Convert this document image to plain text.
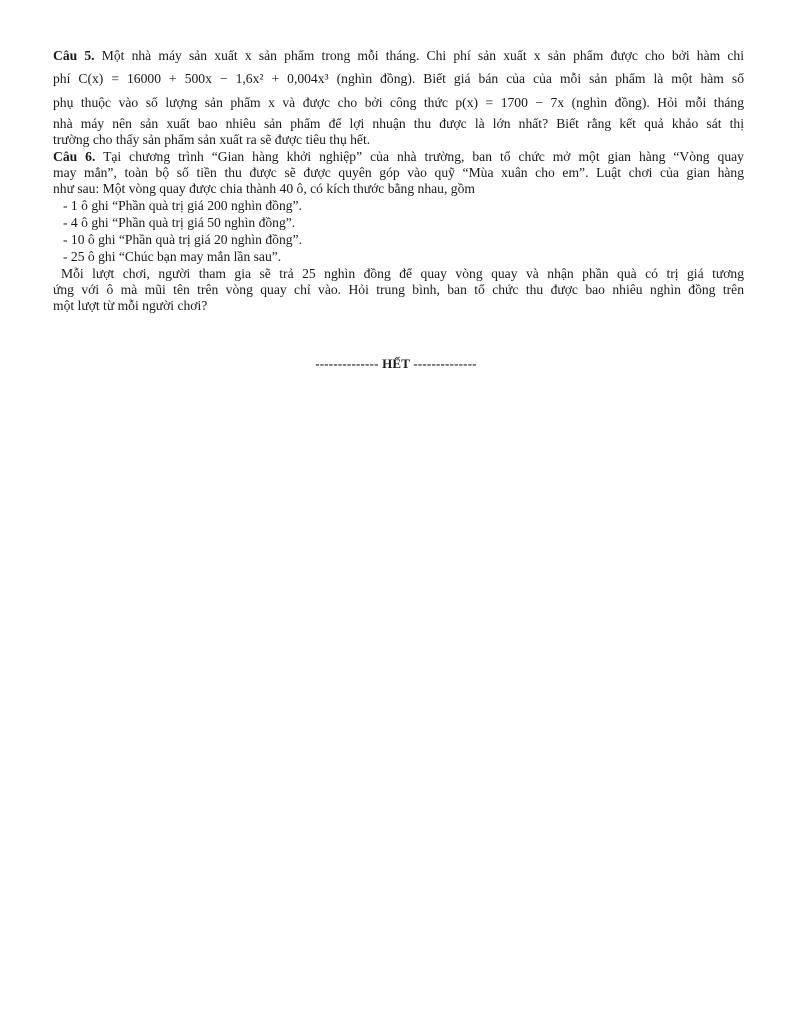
Câu 5. Một nhà máy sản xuất x sản phẩm trong mỗi tháng. Chi phí sản xuất x sản phẩm được cho bởi hàm chi
phí C(x) = 16000 + 500x − 1,6x² + 0,004x³ (nghìn đồng). Biết giá bán của của mỗi sản phẩm là một hàm số
phụ thuộc vào số lượng sản phẩm x và được cho bởi công thức p(x) = 1700 − 7x (nghìn đồng). Hỏi mỗi tháng
nhà máy nên sản xuất bao nhiêu sản phẩm để lợi nhuận thu được là lớn nhất? Biết rằng kết quả khảo sát thị
trường cho thấy sản phẩm sản xuất ra sẽ được tiêu thụ hết.
Câu 6. Tại chương trình “Gian hàng khởi nghiệp” của nhà trường, ban tổ chức mở một gian hàng “Vòng quay
may mắn”, toàn bộ số tiền thu được sẽ được quyên góp vào quỹ “Mùa xuân cho em”. Luật chơi của gian hàng
như sau: Một vòng quay được chia thành 40 ô, có kích thước bằng nhau, gồm
- 1 ô ghi “Phần quà trị giá 200 nghìn đồng”.
- 4 ô ghi “Phần quà trị giá 50 nghìn đồng”.
- 10 ô ghi “Phần quà trị giá 20 nghìn đồng”.
- 25 ô ghi “Chúc bạn may mắn lần sau”.
Mỗi lượt chơi, người tham gia sẽ trả 25 nghìn đồng để quay vòng quay và nhận phần quà có trị giá tương
ứng với ô mà mũi tên trên vòng quay chỉ vào. Hỏi trung bình, ban tổ chức thu được bao nhiêu nghìn đồng trên
một lượt từ mỗi người chơi?
-------------- HẾT --------------
